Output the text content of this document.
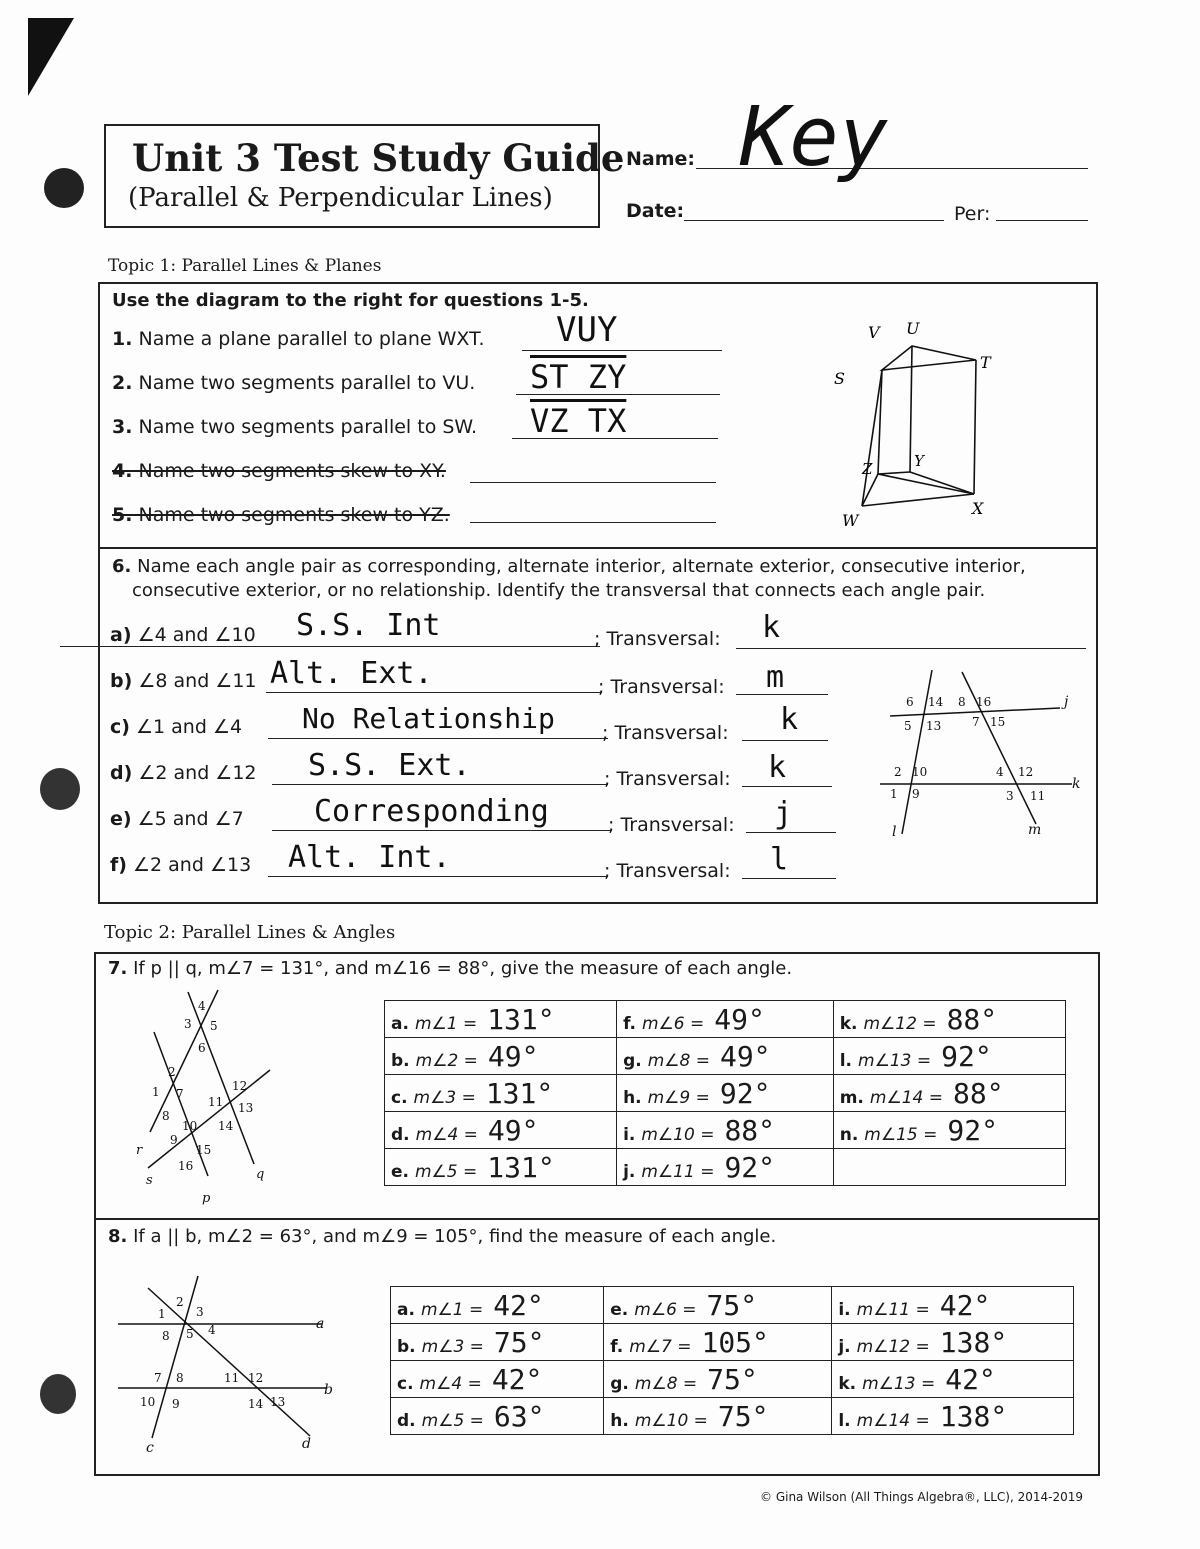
Unit 3 Test Study Guide
(Parallel & Perpendicular Lines)
Name: Key
Date:	Per:
Topic 1: Parallel Lines & Planes
Use the diagram to the right for questions 1-5.
1. Name a plane parallel to plane WXT. VUY
2. Name two segments parallel to VU. ST ZY
3. Name two segments parallel to SW. VZ TX
4. Name two segments skew to XY.
5. Name two segments skew to YZ.
V U
S
T
Z	Y
W
X
6. Name each angle pair as corresponding, alternate interior, alternate exterior, consecutive interior,
consecutive exterior, or no relationship. Identify the transversal that connects each angle pair.
a) ∠4 and ∠10 S.S. Int	; Transversal: k
b) ∠8 and ∠11 Alt. Ext.	; Transversal: m
c) ∠1 and ∠4 No Relationship ; Transversal: k
d) ∠2 and ∠12 S.S. Ext.	; Transversal: k
e) ∠5 and ∠7 Corresponding	; Transversal: j
f) ∠2 and ∠13 Alt. Int.	; Transversal: l
6 14 8 16
5 13	7 15
2 10	4 12
1 9	3 11
j
k
l	m
Topic 2: Parallel Lines & Angles
7. If p || q, m∠7 = 131°, and m∠16 = 88°, give the measure of each angle.
4
3 5
6
2
1 7
12
11 13
8
10 14
9
15
16
r
s
p
q
a. m∠1 = 131°	f. m∠6 = 49°	k. m∠12 = 88°
b. m∠2 = 49°	g. m∠8 = 49°	l. m∠13 = 92°
c. m∠3 = 131°	h. m∠9 = 92°	m. m∠14 = 88°
d. m∠4 = 49°	i. m∠10 = 88°	n. m∠15 = 92°
e. m∠5 = 131°	j. m∠11 = 92°	
8. If a || b, m∠2 = 63°, and m∠9 = 105°, find the measure of each angle.
1
2
3
8 5 4
7 8	11 12
10 9	14 13
a
b
c	d
a. m∠1 = 42°	e. m∠6 = 75°	i. m∠11 = 42°
b. m∠3 = 75°	f. m∠7 = 105°	j. m∠12 = 138°
c. m∠4 = 42°	g. m∠8 = 75°	k. m∠13 = 42°
d. m∠5 = 63°	h. m∠10 = 75°	l. m∠14 = 138°
© Gina Wilson (All Things Algebra®, LLC), 2014-2019
